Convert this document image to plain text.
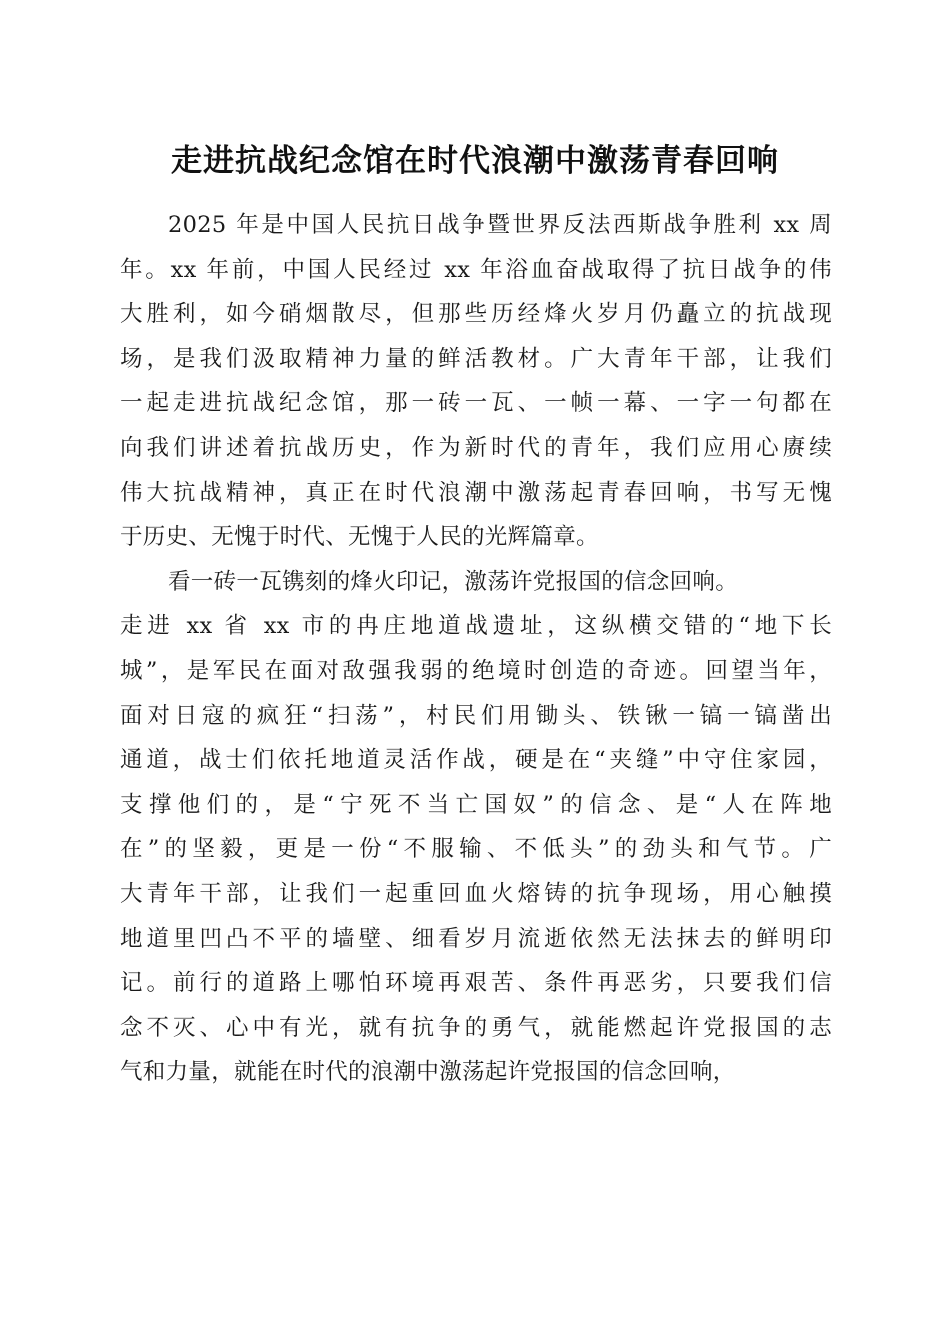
走进抗战纪念馆在时代浪潮中激荡青春回响
2025 年是中国人民抗日战争暨世界反法西斯战争胜利 xx 周
年。xx 年前，中国人民经过 xx 年浴血奋战取得了抗日战争的伟
大胜利，如今硝烟散尽，但那些历经烽火岁月仍矗立的抗战现
场，是我们汲取精神力量的鲜活教材。广大青年干部，让我们
一起走进抗战纪念馆，那一砖一瓦、一帧一幕、一字一句都在
向我们讲述着抗战历史，作为新时代的青年，我们应用心赓续
伟大抗战精神，真正在时代浪潮中激荡起青春回响，书写无愧
于历史、无愧于时代、无愧于人民的光辉篇章。
看一砖一瓦镌刻的烽火印记，激荡许党报国的信念回响。
走进 xx 省 xx 市的冉庄地道战遗址，这纵横交错的“地下长
城”，是军民在面对敌强我弱的绝境时创造的奇迹。回望当年，
面对日寇的疯狂“扫荡”，村民们用锄头、铁锹一镐一镐凿出
通道，战士们依托地道灵活作战，硬是在“夹缝”中守住家园，
支撑他们的，是“宁死不当亡国奴”的信念、是“人在阵地
在”的坚毅，更是一份“不服输、不低头”的劲头和气节。广
大青年干部，让我们一起重回血火熔铸的抗争现场，用心触摸
地道里凹凸不平的墙壁、细看岁月流逝依然无法抹去的鲜明印
记。前行的道路上哪怕环境再艰苦、条件再恶劣，只要我们信
念不灭、心中有光，就有抗争的勇气，就能燃起许党报国的志
气和力量，就能在时代的浪潮中激荡起许党报国的信念回响，
